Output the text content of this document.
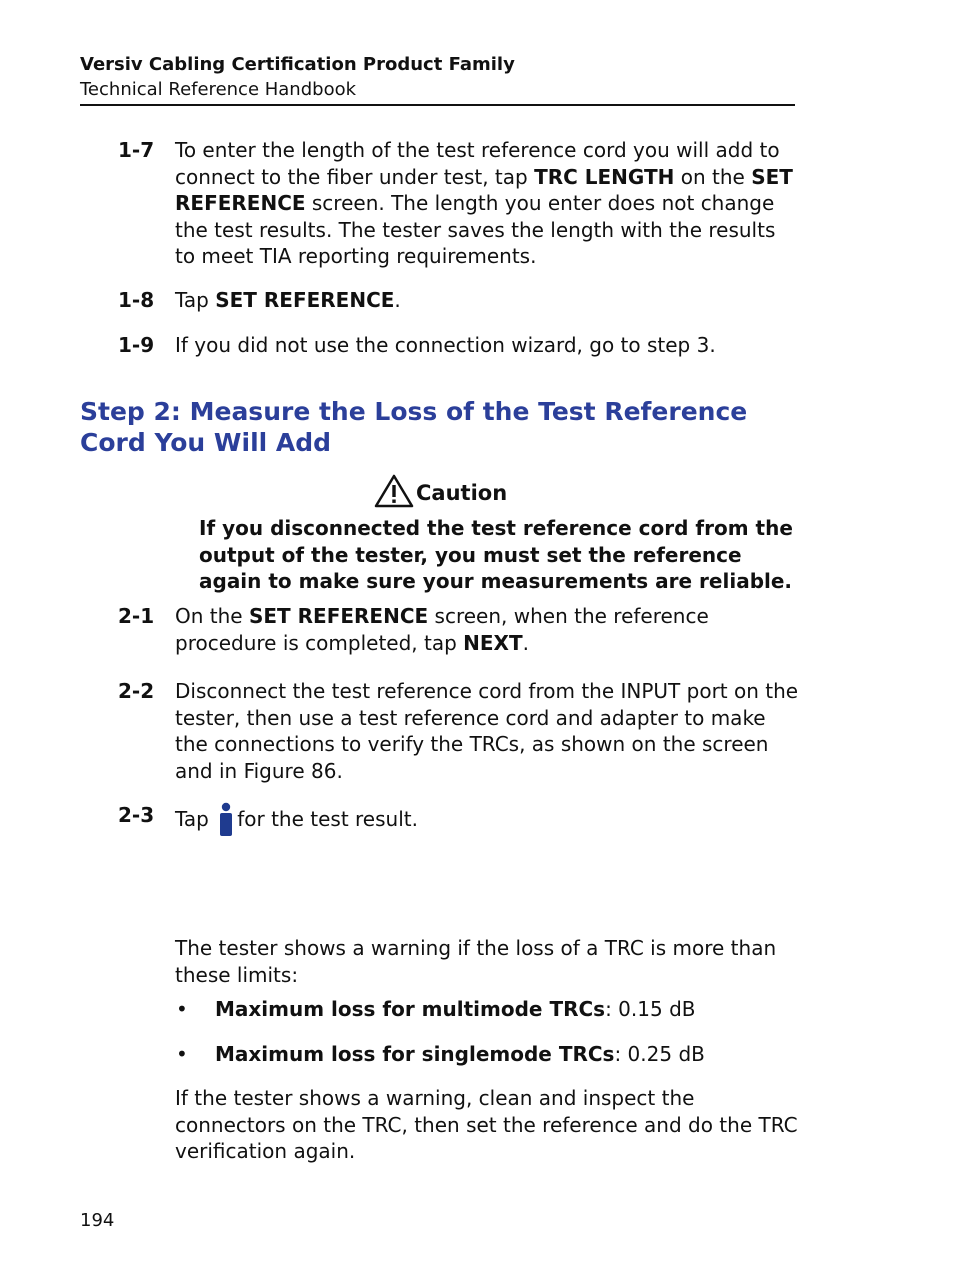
Versiv Cabling Certification Product Family
Technical Reference Handbook
1-7 To enter the length of the test reference cord you will add to connect to the fiber under test, tap TRC LENGTH on the SET REFERENCE screen. The length you enter does not change the test results. The tester saves the length with the results to meet TIA reporting requirements.
1-8 Tap SET REFERENCE.
1-9 If you did not use the connection wizard, go to step 3.
Step 2: Measure the Loss of the Test Reference Cord You Will Add
Caution
If you disconnected the test reference cord from the
output of the tester, you must set the reference
again to make sure your measurements are reliable.
2-1 On the SET REFERENCE screen, when the reference procedure is completed, tap NEXT.
2-2 Disconnect the test reference cord from the INPUT port on the tester, then use a test reference cord and adapter to make the connections to verify the TRCs, as shown on the screen and in Figure 86.
2-3 Tap for the test result.
The tester shows a warning if the loss of a TRC is more than these limits:
• Maximum loss for multimode TRCs: 0.15 dB
• Maximum loss for singlemode TRCs: 0.25 dB
If the tester shows a warning, clean and inspect the connectors on the TRC, then set the reference and do the TRC verification again.
194
